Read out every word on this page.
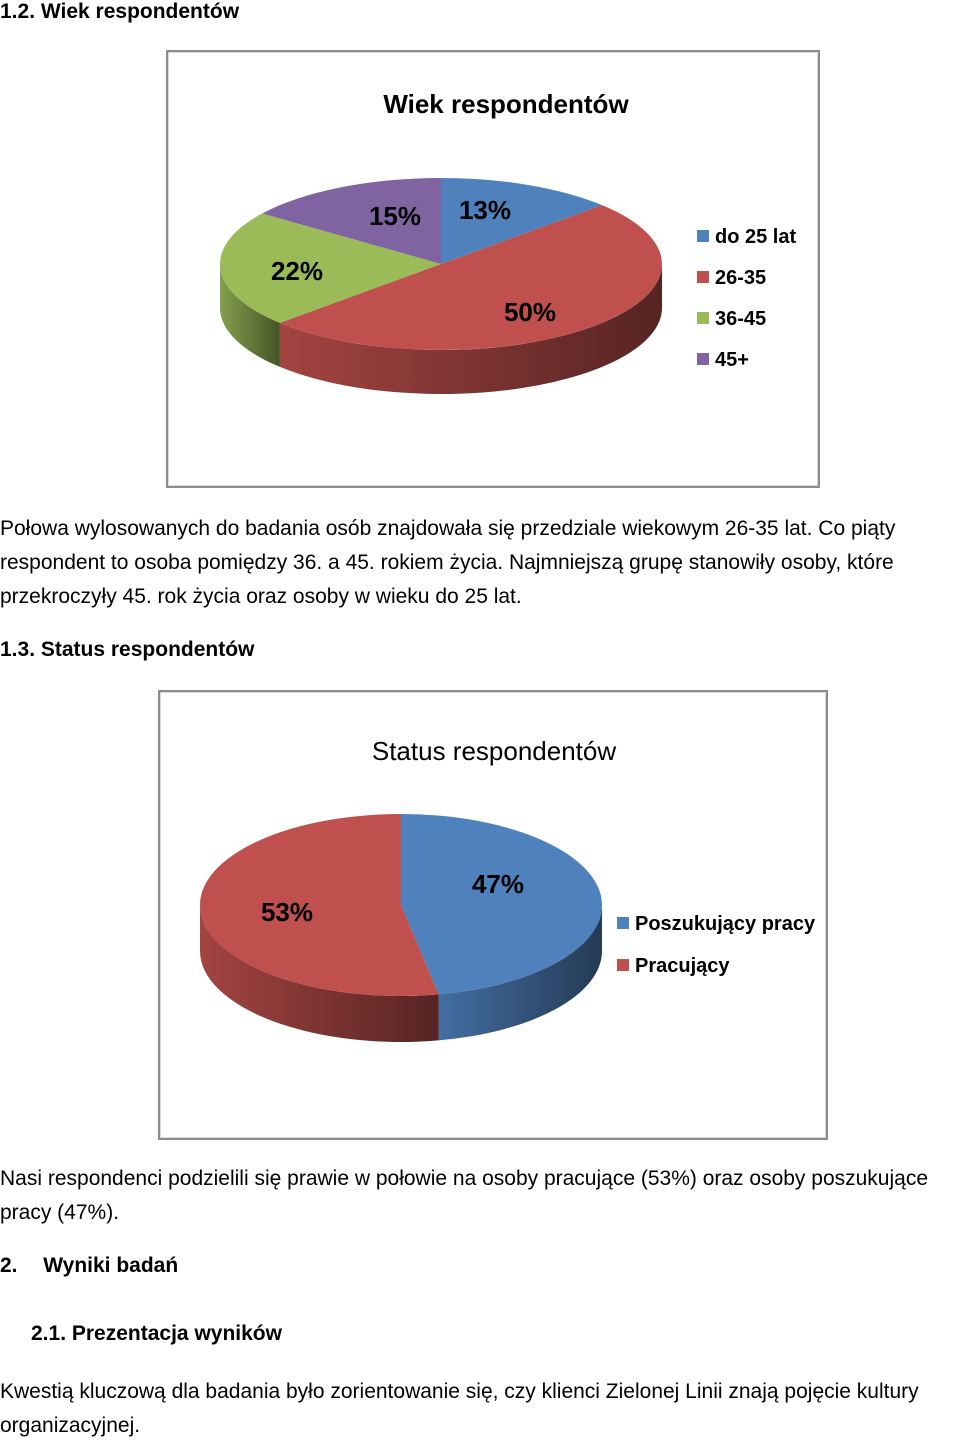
1.2. Wiek respondentów
Wiek respondentów
13%
50%
22%
15%
do 25 lat
26-35
36-45
45+

Połowa wylosowanych do badania osób znajdowała się przedziale wiekowym 26-35 lat. Co piąty respondent to osoba pomiędzy 36. a 45. rokiem życia. Najmniejszą grupę stanowiły osoby, które przekroczyły 45. rok życia oraz osoby w wieku do 25 lat.

1.3. Status respondentów
Status respondentów
47%
53%	Poszukujący pracy
Pracujący

Nasi respondenci podzielili się prawie w połowie na osoby pracujące (53%) oraz osoby poszukujące pracy (47%).

2. Wyniki badań
2.1. Prezentacja wyników

Kwestią kluczową dla badania było zorientowanie się, czy klienci Zielonej Linii znają pojęcie kultury organizacyjnej.
